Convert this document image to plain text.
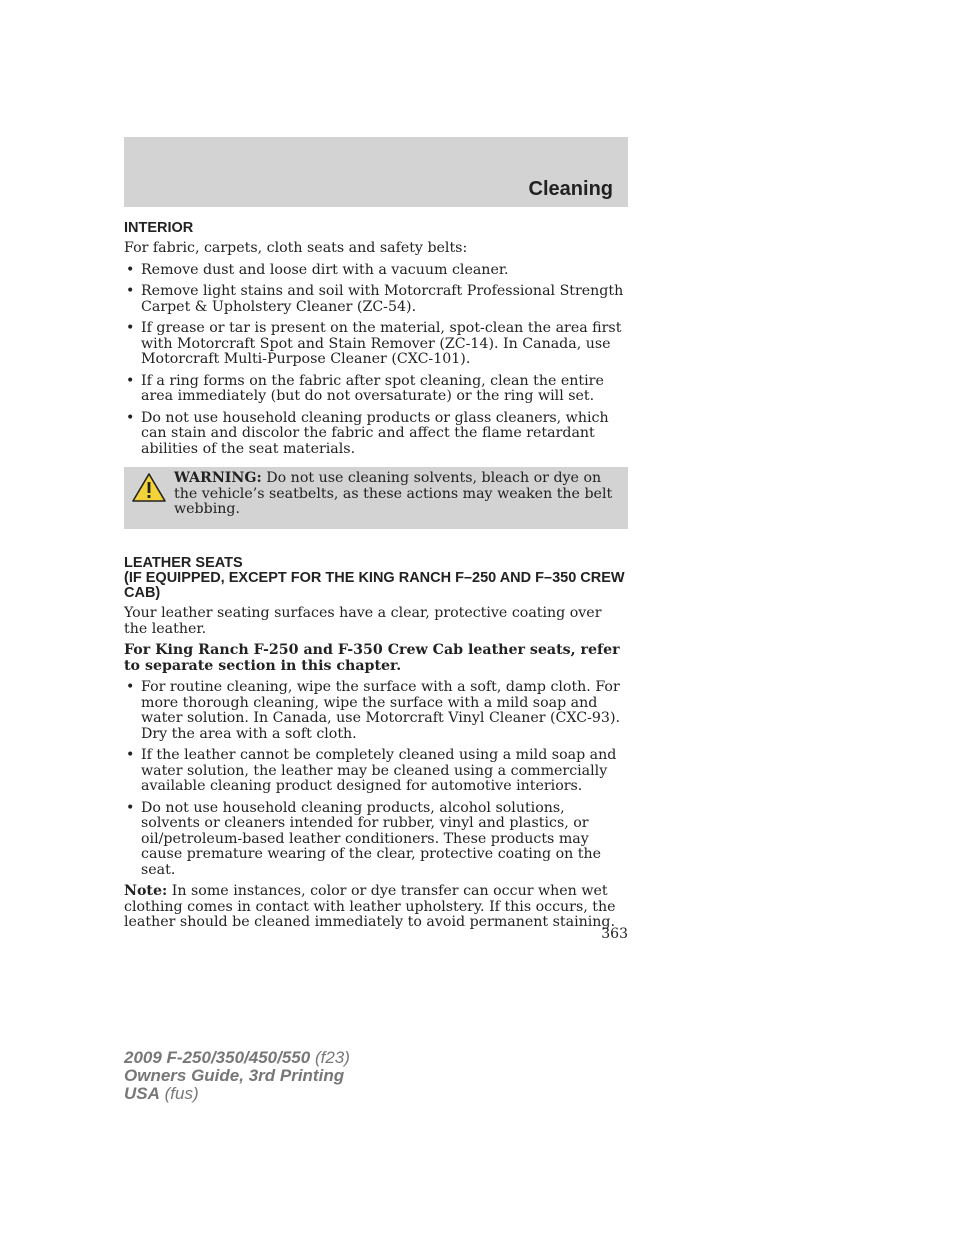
Cleaning
INTERIOR

For fabric, carpets, cloth seats and safety belts:

• Remove dust and loose dirt with a vacuum cleaner.
• Remove light stains and soil with Motorcraft Professional Strength Carpet & Upholstery Cleaner (ZC-54).
• If grease or tar is present on the material, spot-clean the area first with Motorcraft Spot and Stain Remover (ZC-14). In Canada, use Motorcraft Multi-Purpose Cleaner (CXC-101).
• If a ring forms on the fabric after spot cleaning, clean the entire area immediately (but do not oversaturate) or the ring will set.
• Do not use household cleaning products or glass cleaners, which can stain and discolor the fabric and affect the flame retardant abilities of the seat materials.
WARNING: Do not use cleaning solvents, bleach or dye on the vehicle’s seatbelts, as these actions may weaken the belt webbing.
LEATHER SEATS
(IF EQUIPPED, EXCEPT FOR THE KING RANCH F–250 AND F–350 CREW CAB)

Your leather seating surfaces have a clear, protective coating over the leather.

For King Ranch F-250 and F-350 Crew Cab leather seats, refer to separate section in this chapter.

• For routine cleaning, wipe the surface with a soft, damp cloth. For more thorough cleaning, wipe the surface with a mild soap and water solution. In Canada, use Motorcraft Vinyl Cleaner (CXC-93). Dry the area with a soft cloth.
• If the leather cannot be completely cleaned using a mild soap and water solution, the leather may be cleaned using a commercially available cleaning product designed for automotive interiors.
• Do not use household cleaning products, alcohol solutions, solvents or cleaners intended for rubber, vinyl and plastics, or oil/petroleum-based leather conditioners. These products may cause premature wearing of the clear, protective coating on the seat.

Note: In some instances, color or dye transfer can occur when wet clothing comes in contact with leather upholstery. If this occurs, the leather should be cleaned immediately to avoid permanent staining.

363
2009 F-250/350/450/550 (f23)
Owners Guide, 3rd Printing
USA (fus)
